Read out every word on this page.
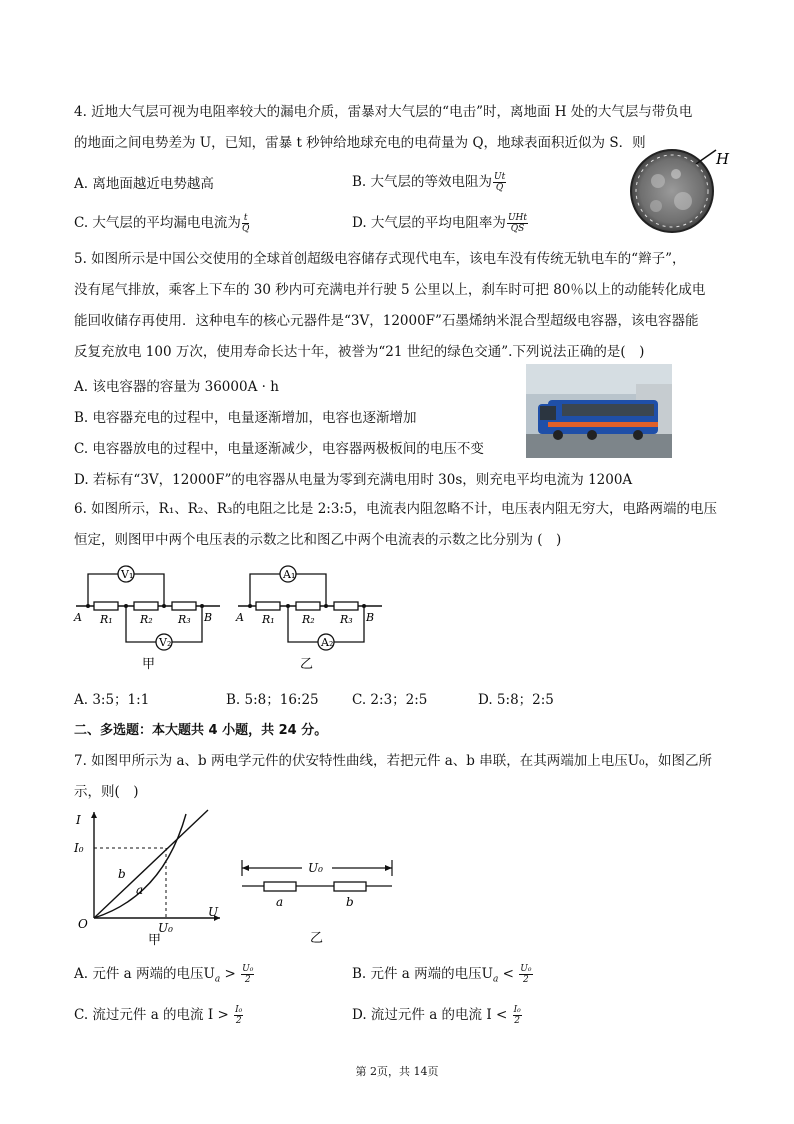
4. 近地大气层可视为电阻率较大的漏电介质，雷暴对大气层的“电击”时，离地面 H 处的大气层与带负电
的地面之间电势差为 U，已知，雷暴 t 秒钟给地球充电的电荷量为 Q，地球表面积近似为 S．则
A. 离地面越近电势越高	B. 大气层的等效电阻为 $\frac{Ut}{Q}$
C. 大气层的平均漏电电流为 $\frac{t}{Q}$	D. 大气层的平均电阻率为 $\frac{\text{UHt}}{QS}$
H
5. 如图所示是中国公交使用的全球首创超级电容储存式现代电车，该电车没有传统无轨电车的“辫子”，
没有尾气排放，乘客上下车的 30 秒内可充满电并行驶 5 公里以上，刹车时可把 80％以上的动能转化成电
能回收储存再使用．这种电车的核心元器件是“3V，12000F”石墨烯纳米混合型超级电容器，该电容器能
反复充放电 100 万次，使用寿命长达十年，被誉为“21 世纪的绿色交通”.下列说法正确的是(　)
A. 该电容器的容量为 36000A · h
B. 电容器充电的过程中，电量逐渐增加，电容也逐渐增加
C. 电容器放电的过程中，电量逐渐减少，电容器两极板间的电压不变
D. 若标有“3V，12000F”的电容器从电量为零到充满电用时 30s，则充电平均电流为 1200A
6. 如图所示，R₁、R₂、R₃的电阻之比是 2:3:5，电流表内阻忽略不计，电压表内阻无穷大，电路两端的电压
恒定，则图甲中两个电压表的示数之比和图乙中两个电流表的示数之比分别为 (　)
V₁
V₂
A	B
R₁ R₂ R₃
甲
A₁
A₂
A	B
R₁ R₂ R₃
乙
A. 3:5；1:1	B. 5:8；16:25 C. 2:3；2:5	D. 5:8；2:5
二、多选题：本大题共 4 小题，共 24 分。
7. 如图甲所示为 a、b 两电学元件的伏安特性曲线，若把元件 a、b 串联，在其两端加上电压U₀，如图乙所
示，则(　)
I
U
O
I₀
U₀
b
a
甲
U₀
a	b
乙
A. 元件 a 两端的电压$U_a > \frac{\text{U₀}}{2}$	B. 元件 a 两端的电压$U_a < \frac{\text{U₀}}{2}$
C. 流过元件 a 的电流 $I > \frac{\text{I₀}}{2}$	D. 流过元件 a 的电流 $I < \frac{\text{I₀}}{2}$
第 2页，共 14页
